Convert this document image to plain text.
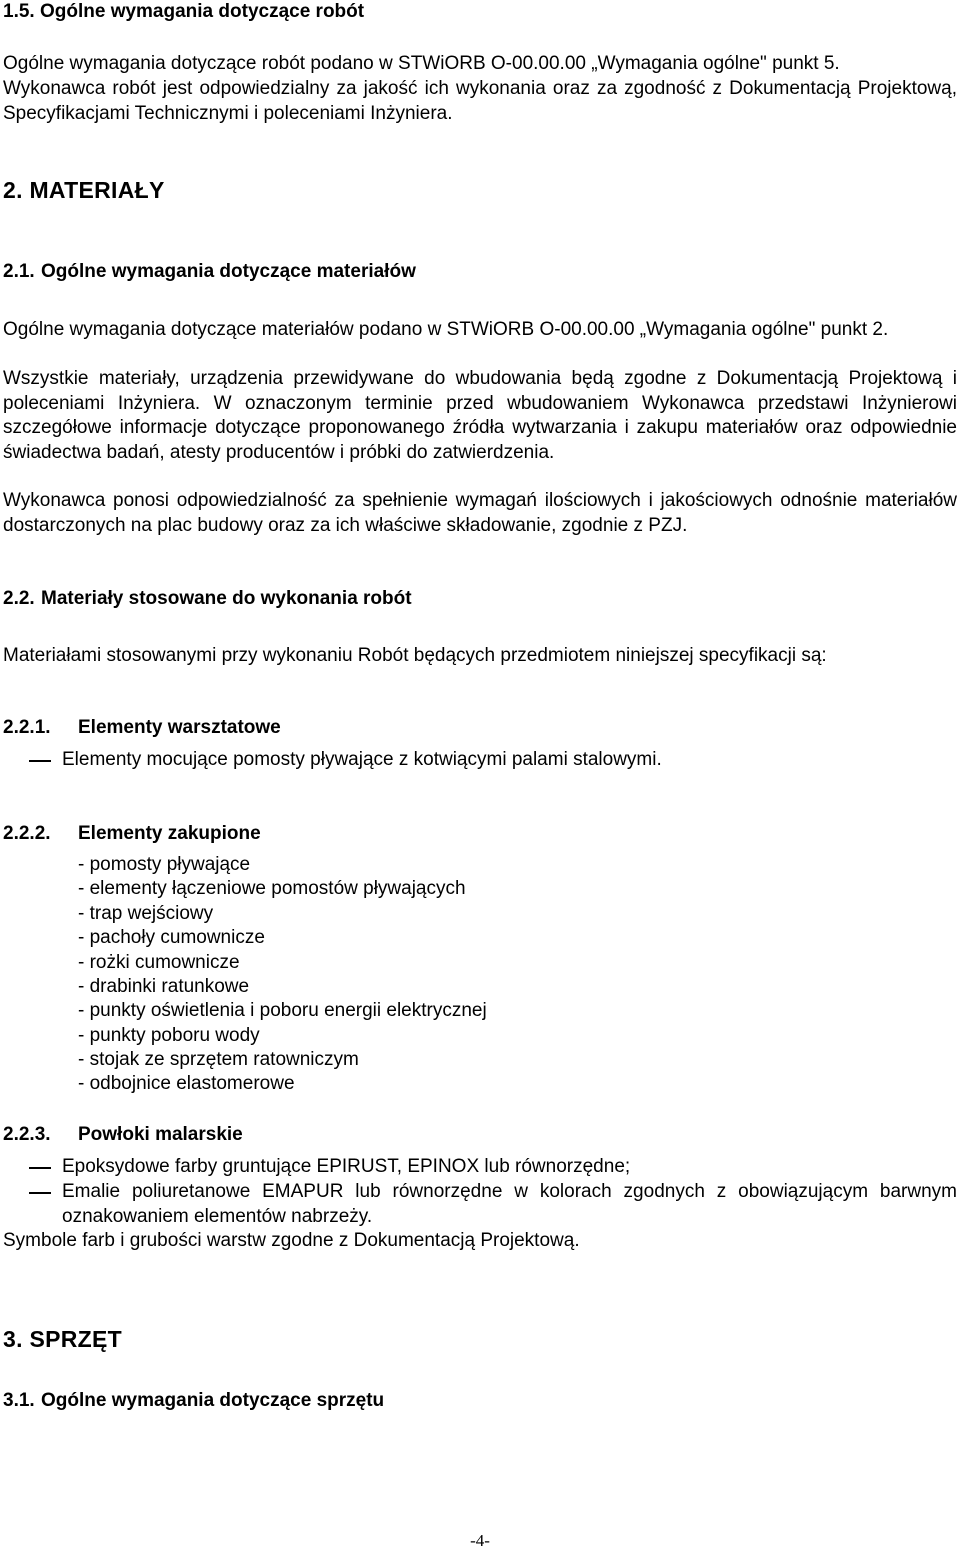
1.5. Ogólne wymagania dotyczące robót
Ogólne wymagania dotyczące robót podano w STWiORB O-00.00.00 „Wymagania ogólne" punkt 5.
Wykonawca robót jest odpowiedzialny za jakość ich wykonania oraz za zgodność z Dokumentacją Projektową, Specyfikacjami Technicznymi i poleceniami Inżyniera.
2. MATERIAŁY
2.1. Ogólne wymagania dotyczące materiałów
Ogólne wymagania dotyczące materiałów podano w STWiORB O-00.00.00 „Wymagania ogólne" punkt 2.
Wszystkie materiały, urządzenia przewidywane do wbudowania będą zgodne z Dokumentacją Projektową i poleceniami Inżyniera. W oznaczonym terminie przed wbudowaniem Wykonawca przedstawi Inżynierowi szczegółowe informacje dotyczące proponowanego źródła wytwarzania i zakupu materiałów oraz odpowiednie świadectwa badań, atesty producentów i próbki do zatwierdzenia.
Wykonawca ponosi odpowiedzialność za spełnienie wymagań ilościowych i jakościowych odnośnie materiałów dostarczonych na plac budowy oraz za ich właściwe składowanie, zgodnie z PZJ.
2.2. Materiały stosowane do wykonania robót
Materiałami stosowanymi przy wykonaniu Robót będących przedmiotem niniejszej specyfikacji są:
2.2.1. Elementy warsztatowe
Elementy mocujące pomosty pływające z kotwiącymi palami stalowymi.
2.2.2. Elementy zakupione
- pomosty pływające
- elementy łączeniowe pomostów pływających
- trap wejściowy
- pachoły cumownicze
- rożki cumownicze
- drabinki ratunkowe
- punkty oświetlenia i poboru energii elektrycznej
- punkty poboru wody
- stojak ze sprzętem ratowniczym
- odbojnice elastomerowe
2.2.3. Powłoki malarskie
Epoksydowe farby gruntujące EPIRUST, EPINOX lub równorzędne;
Emalie poliuretanowe EMAPUR lub równorzędne w kolorach zgodnych z obowiązującym barwnym oznakowaniem elementów nabrzeży.
Symbole farb i grubości warstw zgodne z Dokumentacją Projektową.
3. SPRZĘT
3.1. Ogólne wymagania dotyczące sprzętu
-4-
